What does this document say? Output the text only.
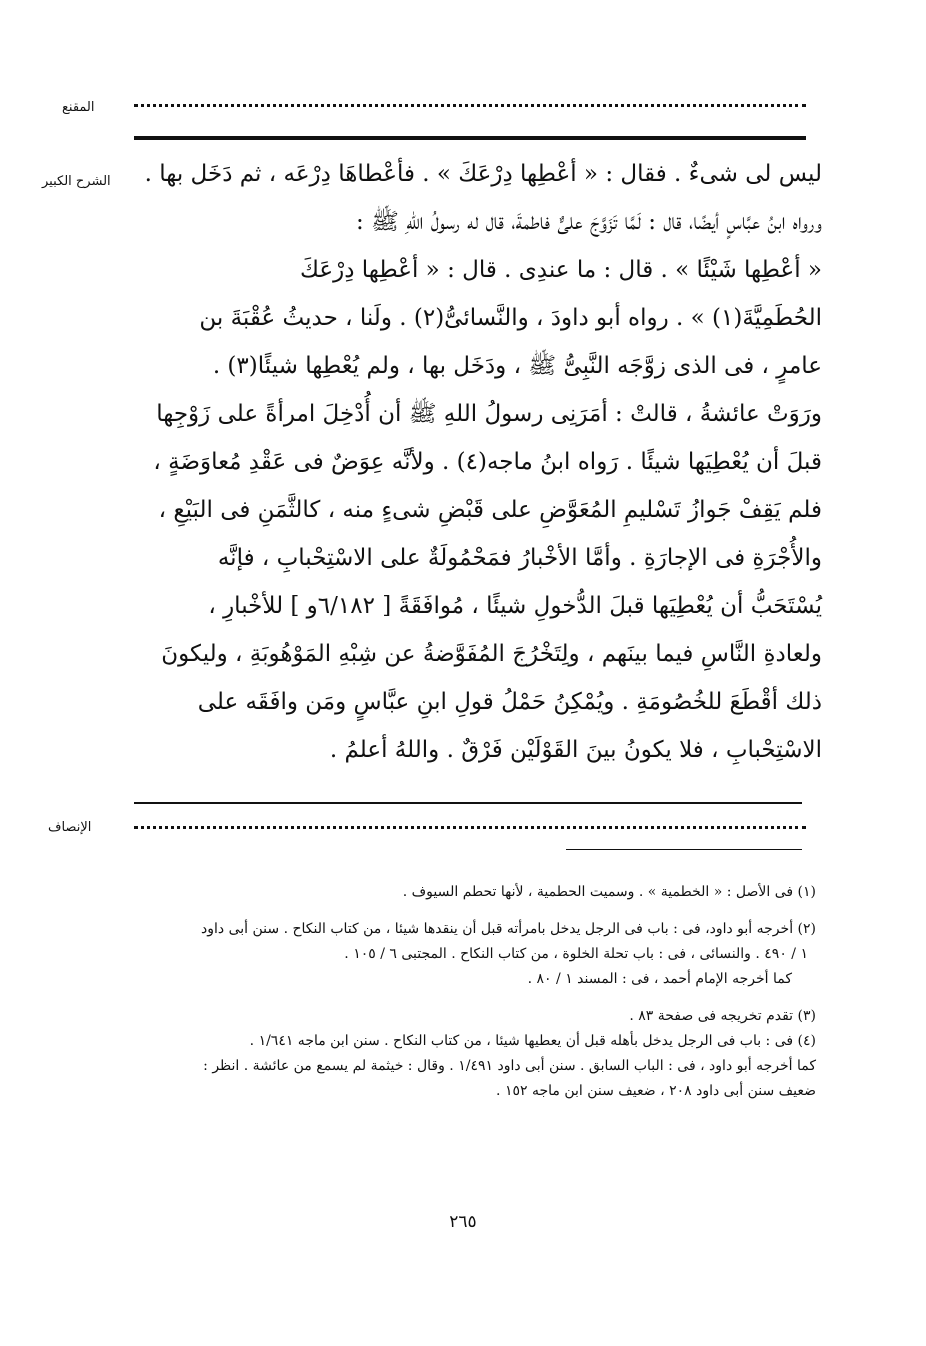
المقنع
الشرح الكبير	ليس لى شىءٌ . فقال : « أعْطِها دِرْعَكَ » . فأعْطاهَا دِرْعَه ، ثم دَخَل بها .

ورواه ابنُ عبَّاسٍ أيضًا، قال : لَمَّا تَزَوَّجَ علىٌّ فاطمةَ، قال له رسولُ اللهِ ﷺ :

« أعْطِها شَيْئًا » . قال : ما عندِى . قال : « أعْطِها دِرْعَكَ

الحُطَمِيَّةَ(١) » . رواه أبو داودَ ، والنَّسائىُّ(٢) . ولَنا ، حديثُ عُقْبَةَ بن

عامرٍ ، فى الذى زوَّجَه النَّبِىُّ ﷺ ، ودَخَل بها ، ولم يُعْطِها شيئًا(٣) .

ورَوَتْ عائشةُ ، قالتْ : أمَرَنِى رسولُ اللهِ ﷺ أن أُدْخِلَ امرأةً على زَوْجِها

قبلَ أن يُعْطِيَها شيئًا . رَواه ابنُ ماجه(٤) . ولأنَّه عِوَضٌ فى عَقْدِ مُعاوَضَةٍ ،

فلم يَقِفْ جَوازُ تَسْليمِ المُعَوَّضِ على قَبْضِ شىءٍ منه ، كالثَّمَنِ فى البَيْعِ ،

والأُجْرَةِ فى الإجارَةِ . وأمَّا الأخْبارُ فمَحْمُولَةٌ على الاسْتِحْبابِ ، فإنَّه

يُسْتَحَبُّ أن يُعْطِيَها قبلَ الدُّخولِ شيئًا ، مُوافَقَةً [ ٦/١٨٢و ] للأخْبارِ ،

ولعادةِ النَّاسِ فيما بينَهم ، ولِتَخْرُجَ المُفَوَّضةُ عن شِبْهِ المَوْهُوبَةِ ، وليكونَ

ذلك أقْطَعَ للخُصُومَةِ . ويُمْكِنُ حَمْلُ قولِ ابنِ عبَّاسٍ ومَن وافَقَه على

الاسْتِحْبابِ ، فلا يكونُ بينَ القَوْلَيْن فَرْقٌ . واللهُ أعلمُ .

الإنصاف

(١) فى الأصل : « الخطمية » . وسميت الحطمية ، لأنها تحطم السيوف .

(٢) أخرجه أبو داود، فى : باب فى الرجل يدخل بامرأته قبل أن ينقدها شيئا ، من كتاب النكاح . سنن أبى داود

١ / ٤٩٠ . والنسائى ، فى : باب تحلة الخلوة ، من كتاب النكاح . المجتبى ٦ / ١٠٥ .

كما أخرجه الإمام أحمد ، فى : المسند ١ / ٨٠ .

(٣) تقدم تخريجه فى صفحة ٨٣ .

(٤) فى : باب فى الرجل يدخل بأهله قبل أن يعطيها شيئا ، من كتاب النكاح . سنن ابن ماجه ١/٦٤١ .

كما أخرجه أبو داود ، فى : الباب السابق . سنن أبى داود ١/٤٩١ . وقال : خيثمة لم يسمع من عائشة . انظر :

ضعيف سنن أبى داود ٢٠٨ ، ضعيف سنن ابن ماجه ١٥٢ .

٢٦٥
